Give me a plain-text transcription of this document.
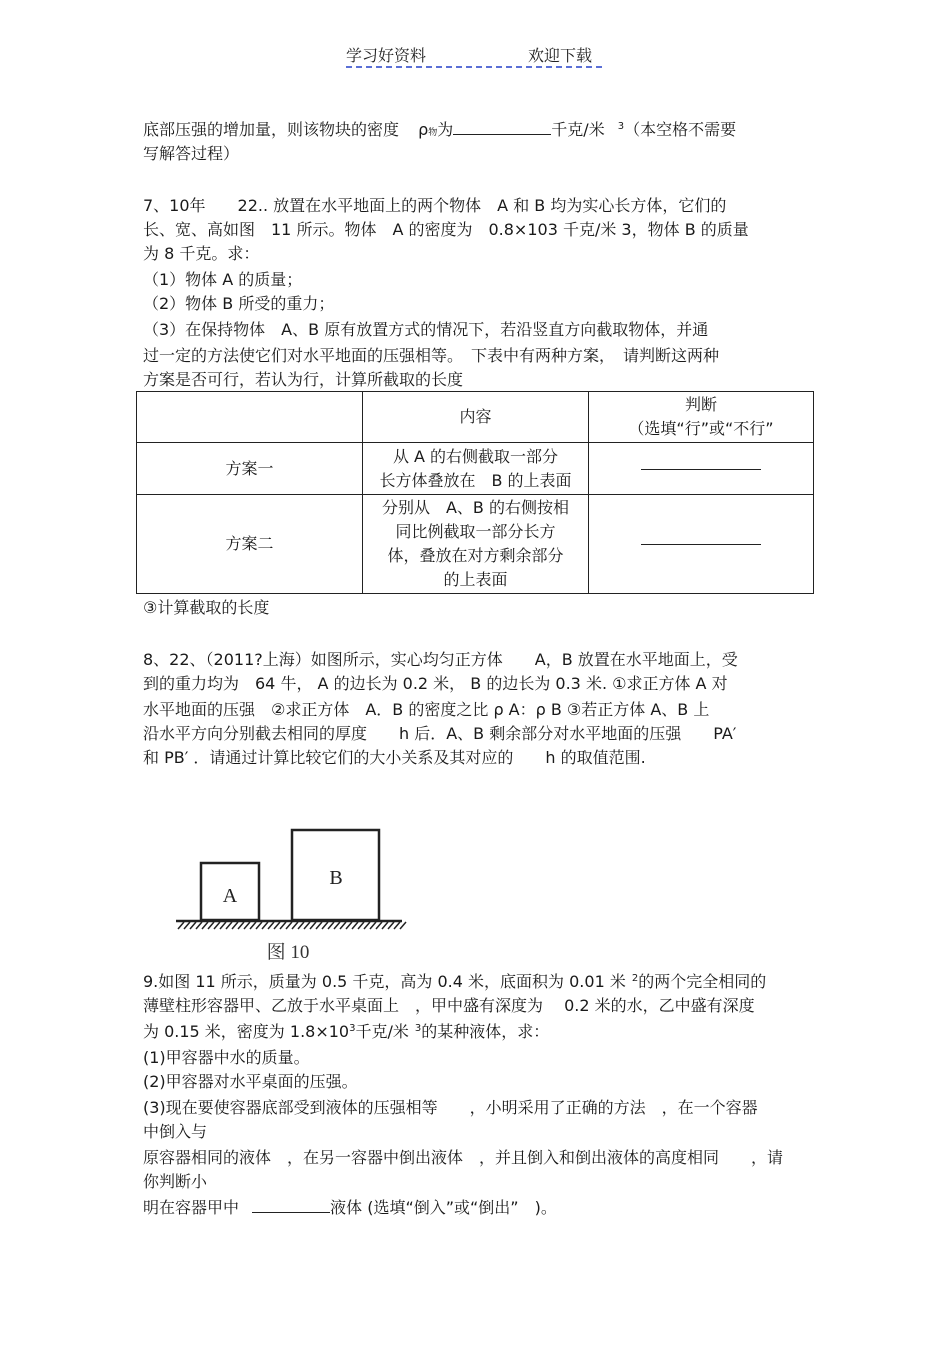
学习好资料	欢迎下载
底部压强的增加量，则该物块的密度 ρ物为	千克/米 $^3$（本空格不需要
写解答过程）
7、10年　　22.. 放置在水平地面上的两个物体　A 和 B 均为实心长方体，它们的
长、宽、高如图　11 所示。物体　A 的密度为　0.8×103 千克/米 3，物体 B 的质量
为 8 千克。求：
（1）物体 A 的质量；
（2）物体 B 所受的重力；
（3）在保持物体　A、B 原有放置方式的情况下，若沿竖直方向截取物体，并通
过一定的方法使它们对水平地面的压强相等。　下表中有两种方案，　请判断这两种
方案是否可行，若认为行，计算所截取的长度
	内容	判断
（选填“行”或“不行”

方案一	从 A 的右侧截取一部分
长方体叠放在　B 的上表面	

方案二	分别从　A、B 的右侧按相
同比例截取一部分长方
体，叠放在对方剩余部分
的上表面	

③计算截取的长度
8、22、（2011?上海）如图所示，实心均匀正方体　　A，B 放置在水平地面上，受
到的重力均为　64 牛， A 的边长为 0.2 米， B 的边长为 0.3 米. ①求正方体 A 对
水平地面的压强　②求正方体　A．B 的密度之比 ρ A：ρ B ③若正方体 A、B 上
沿水平方向分别截去相同的厚度　　h 后．A、B 剩余部分对水平地面的压强　　PA′
和 PB′ ．请通过计算比较它们的大小关系及其对应的　　h 的取值范围.
A
B
图 10
9.如图 11 所示，质量为 0.5 千克，高为 0.4 米，底面积为 0.01 米 $^2$的两个完全相同的
薄壁柱形容器甲、乙放于水平桌面上　，甲中盛有深度为　 0.2 米的水，乙中盛有深度
为 0.15 米，密度为 $1.8\times 10^3$千克/米 $^3$的某种液体，求：
(1)甲容器中水的质量。
(2)甲容器对水平桌面的压强。
(3)现在要使容器底部受到液体的压强相等　　，小明采用了正确的方法　，在一个容器
中倒入与
原容器相同的液体　，在另一容器中倒出液体　，并且倒入和倒出液体的高度相同　　，请
你判断小
明在容器甲中	液体 (选填“倒入”或“倒出”　)。
